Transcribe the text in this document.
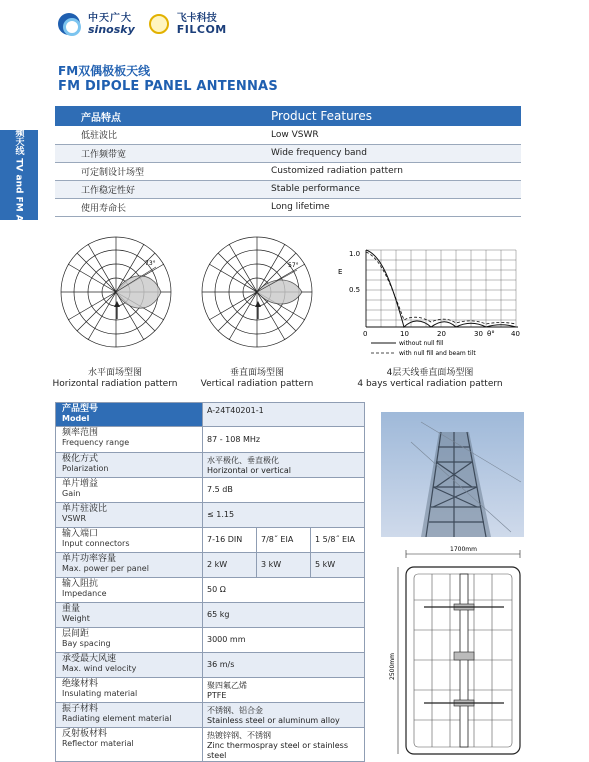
中天广大
sinosky
飞卡科技
FILCOM
FM双偶极板天线
FM DIPOLE PANEL ANTENNAS
① 电视调频天线 TV and FM Antennas	产品特点	Product Features
低驻波比	Low VSWR
工作频带宽	Wide frequency band
可定制设计场型	Customized radiation pattern
工作稳定性好	Stable performance
使用寿命长	Long lifetime
73°
水平面场型图
Horizontal radiation pattern
57°
垂直面场型图
Vertical radiation pattern
1.0
0.5
E
0	10	20	30 θ° 40
without null fill
with null fill and beam tilt
4层天线垂直面场型图
4 bays vertical radiation pattern
产品型号
Model	A-24T40201-1		

频率范围
Frequency range	87 - 108 MHz		

极化方式
Polarization	水平极化、垂直极化
Horizontal or vertical		

单片增益
Gain	7.5 dB		

单片驻波比
VSWR	≤ 1.15		

输入端口
Input connectors	7-16 DIN	7/8˝ EIA	1 5/8˝ EIA

单片功率容量
Max. power per panel	2 kW	3 kW	5 kW

输入阻抗
Impedance	50 Ω		

重量
Weight	65 kg		

层间距
Bay spacing	3000 mm		

承受最大风速
Max. wind velocity	36 m/s		

绝缘材料
Insulating material	聚四氟乙烯
PTFE		

振子材料
Radiating element material	不锈钢、铝合金
Stainless steel or aluminum alloy		

反射板材料
Reflector material	热镀锌钢、不锈钢
Zinc thermospray steel or stainless steel		
1700mm
2500mm
